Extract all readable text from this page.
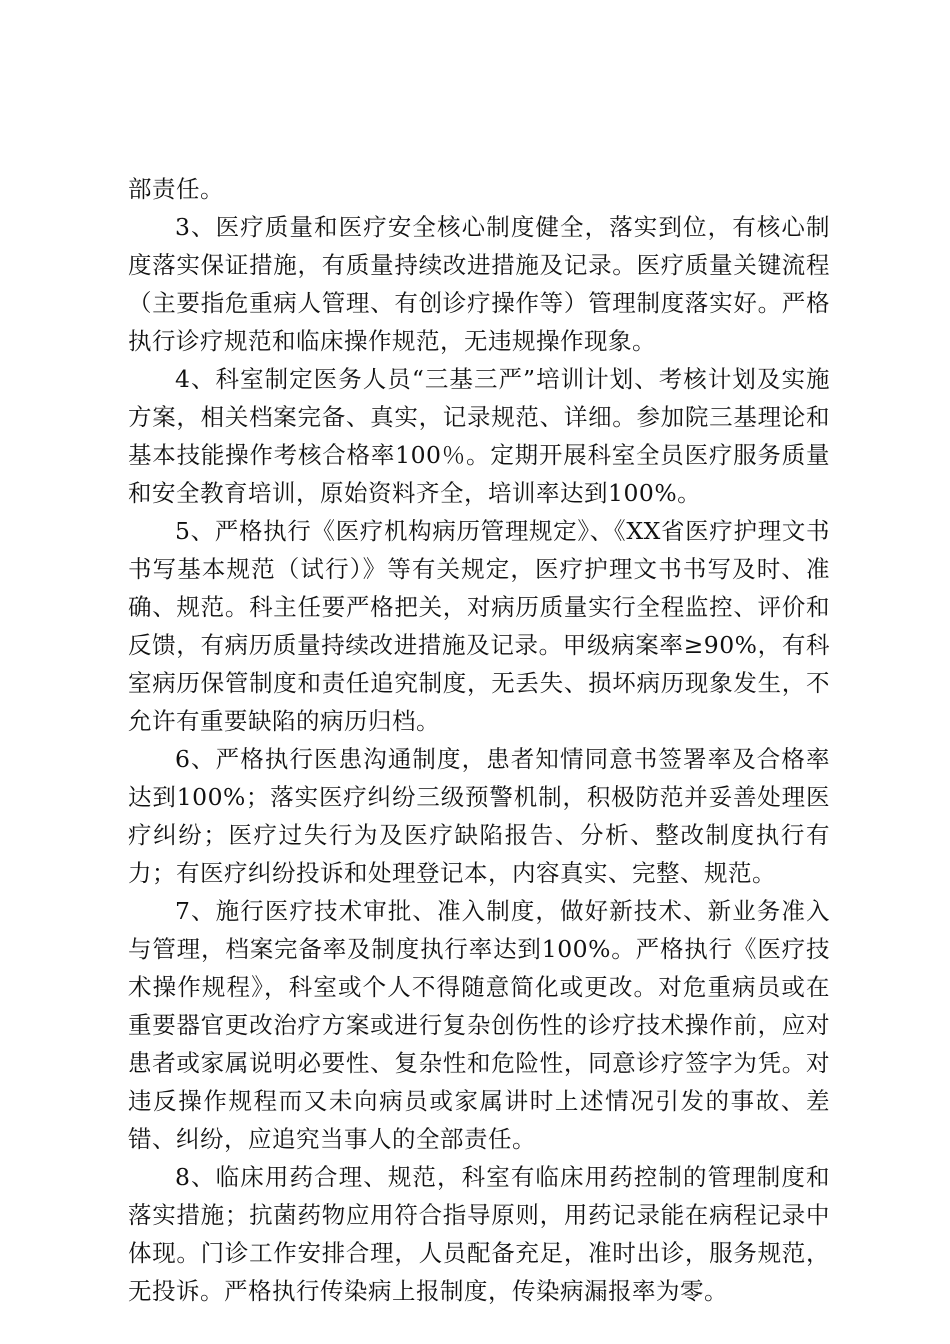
部责任。

3、医疗质量和医疗安全核心制度健全，落实到位，有核心制度落实保证措施，有质量持续改进措施及记录。医疗质量关键流程（主要指危重病人管理、有创诊疗操作等）管理制度落实好。严格执行诊疗规范和临床操作规范，无违规操作现象。

4、科室制定医务人员“三基三严”培训计划、考核计划及实施方案，相关档案完备、真实，记录规范、详细。参加院三基理论和基本技能操作考核合格率100％。定期开展科室全员医疗服务质量和安全教育培训，原始资料齐全，培训率达到100%。

5、严格执行《医疗机构病历管理规定》、《XX省医疗护理文书书写基本规范（试行）》等有关规定，医疗护理文书书写及时、准确、规范。科主任要严格把关，对病历质量实行全程监控、评价和反馈，有病历质量持续改进措施及记录。甲级病案率≥90%，有科室病历保管制度和责任追究制度，无丢失、损坏病历现象发生，不允许有重要缺陷的病历归档。

6、严格执行医患沟通制度，患者知情同意书签署率及合格率达到100%；落实医疗纠纷三级预警机制，积极防范并妥善处理医疗纠纷；医疗过失行为及医疗缺陷报告、分析、整改制度执行有力；有医疗纠纷投诉和处理登记本，内容真实、完整、规范。

7、施行医疗技术审批、准入制度，做好新技术、新业务准入与管理，档案完备率及制度执行率达到100%。严格执行《医疗技术操作规程》，科室或个人不得随意简化或更改。对危重病员或在重要器官更改治疗方案或进行复杂创伤性的诊疗技术操作前，应对患者或家属说明必要性、复杂性和危险性，同意诊疗签字为凭。对违反操作规程而又未向病员或家属讲时上述情况引发的事故、差错、纠纷，应追究当事人的全部责任。

8、临床用药合理、规范，科室有临床用药控制的管理制度和落实措施；抗菌药物应用符合指导原则，用药记录能在病程记录中体现。门诊工作安排合理，人员配备充足，准时出诊，服务规范，无投诉。严格执行传染病上报制度，传染病漏报率为零。
